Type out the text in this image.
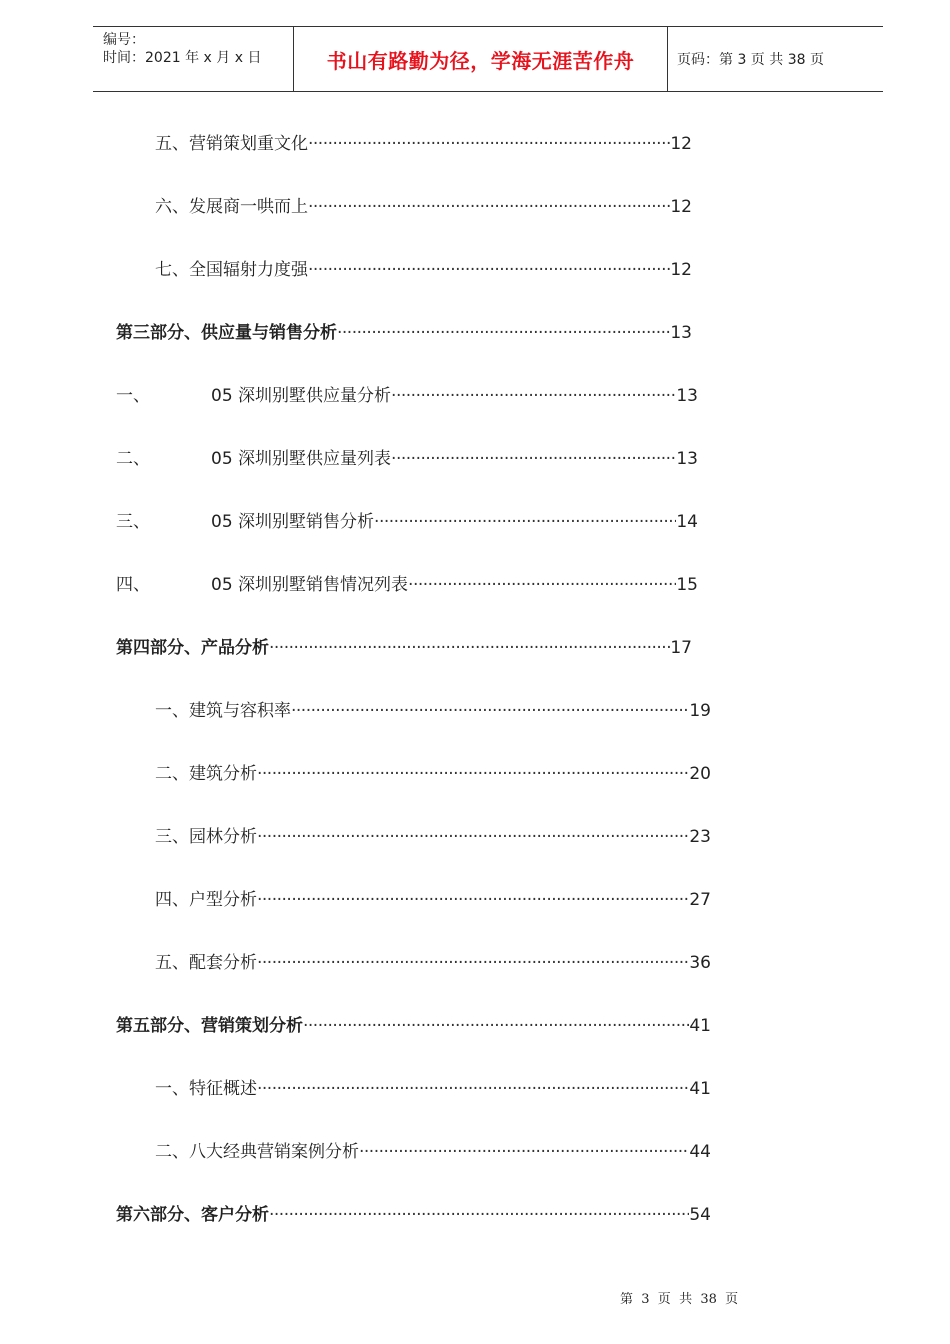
编号：
时间：2021 年 x 月 x 日	书山有路勤为径，学海无涯苦作舟	页码：第 3 页 共 38 页
五、营销策划重文化 ·····	12
六、发展商一哄而上 ·····	12
七、全国辐射力度强 ·····	12
第三部分、供应量与销售分析 ·····	13
一、	05 深圳别墅供应量分析 ·····	13
二、	05 深圳别墅供应量列表 ·····	13
三、	05 深圳别墅销售分析 ·····	14
四、	05 深圳别墅销售情况列表 ·····	15
第四部分、产品分析 ·····	17
一、建筑与容积率 ·····	19
二、建筑分析 ·····	20
三、园林分析 ·····	23
四、户型分析 ·····	27
五、配套分析 ·····	36
第五部分、营销策划分析 ·····	41
一、特征概述 ·····	41
二、八大经典营销案例分析 ·····	44
第六部分、客户分析 ·····	54
第  3  页  共  38  页
